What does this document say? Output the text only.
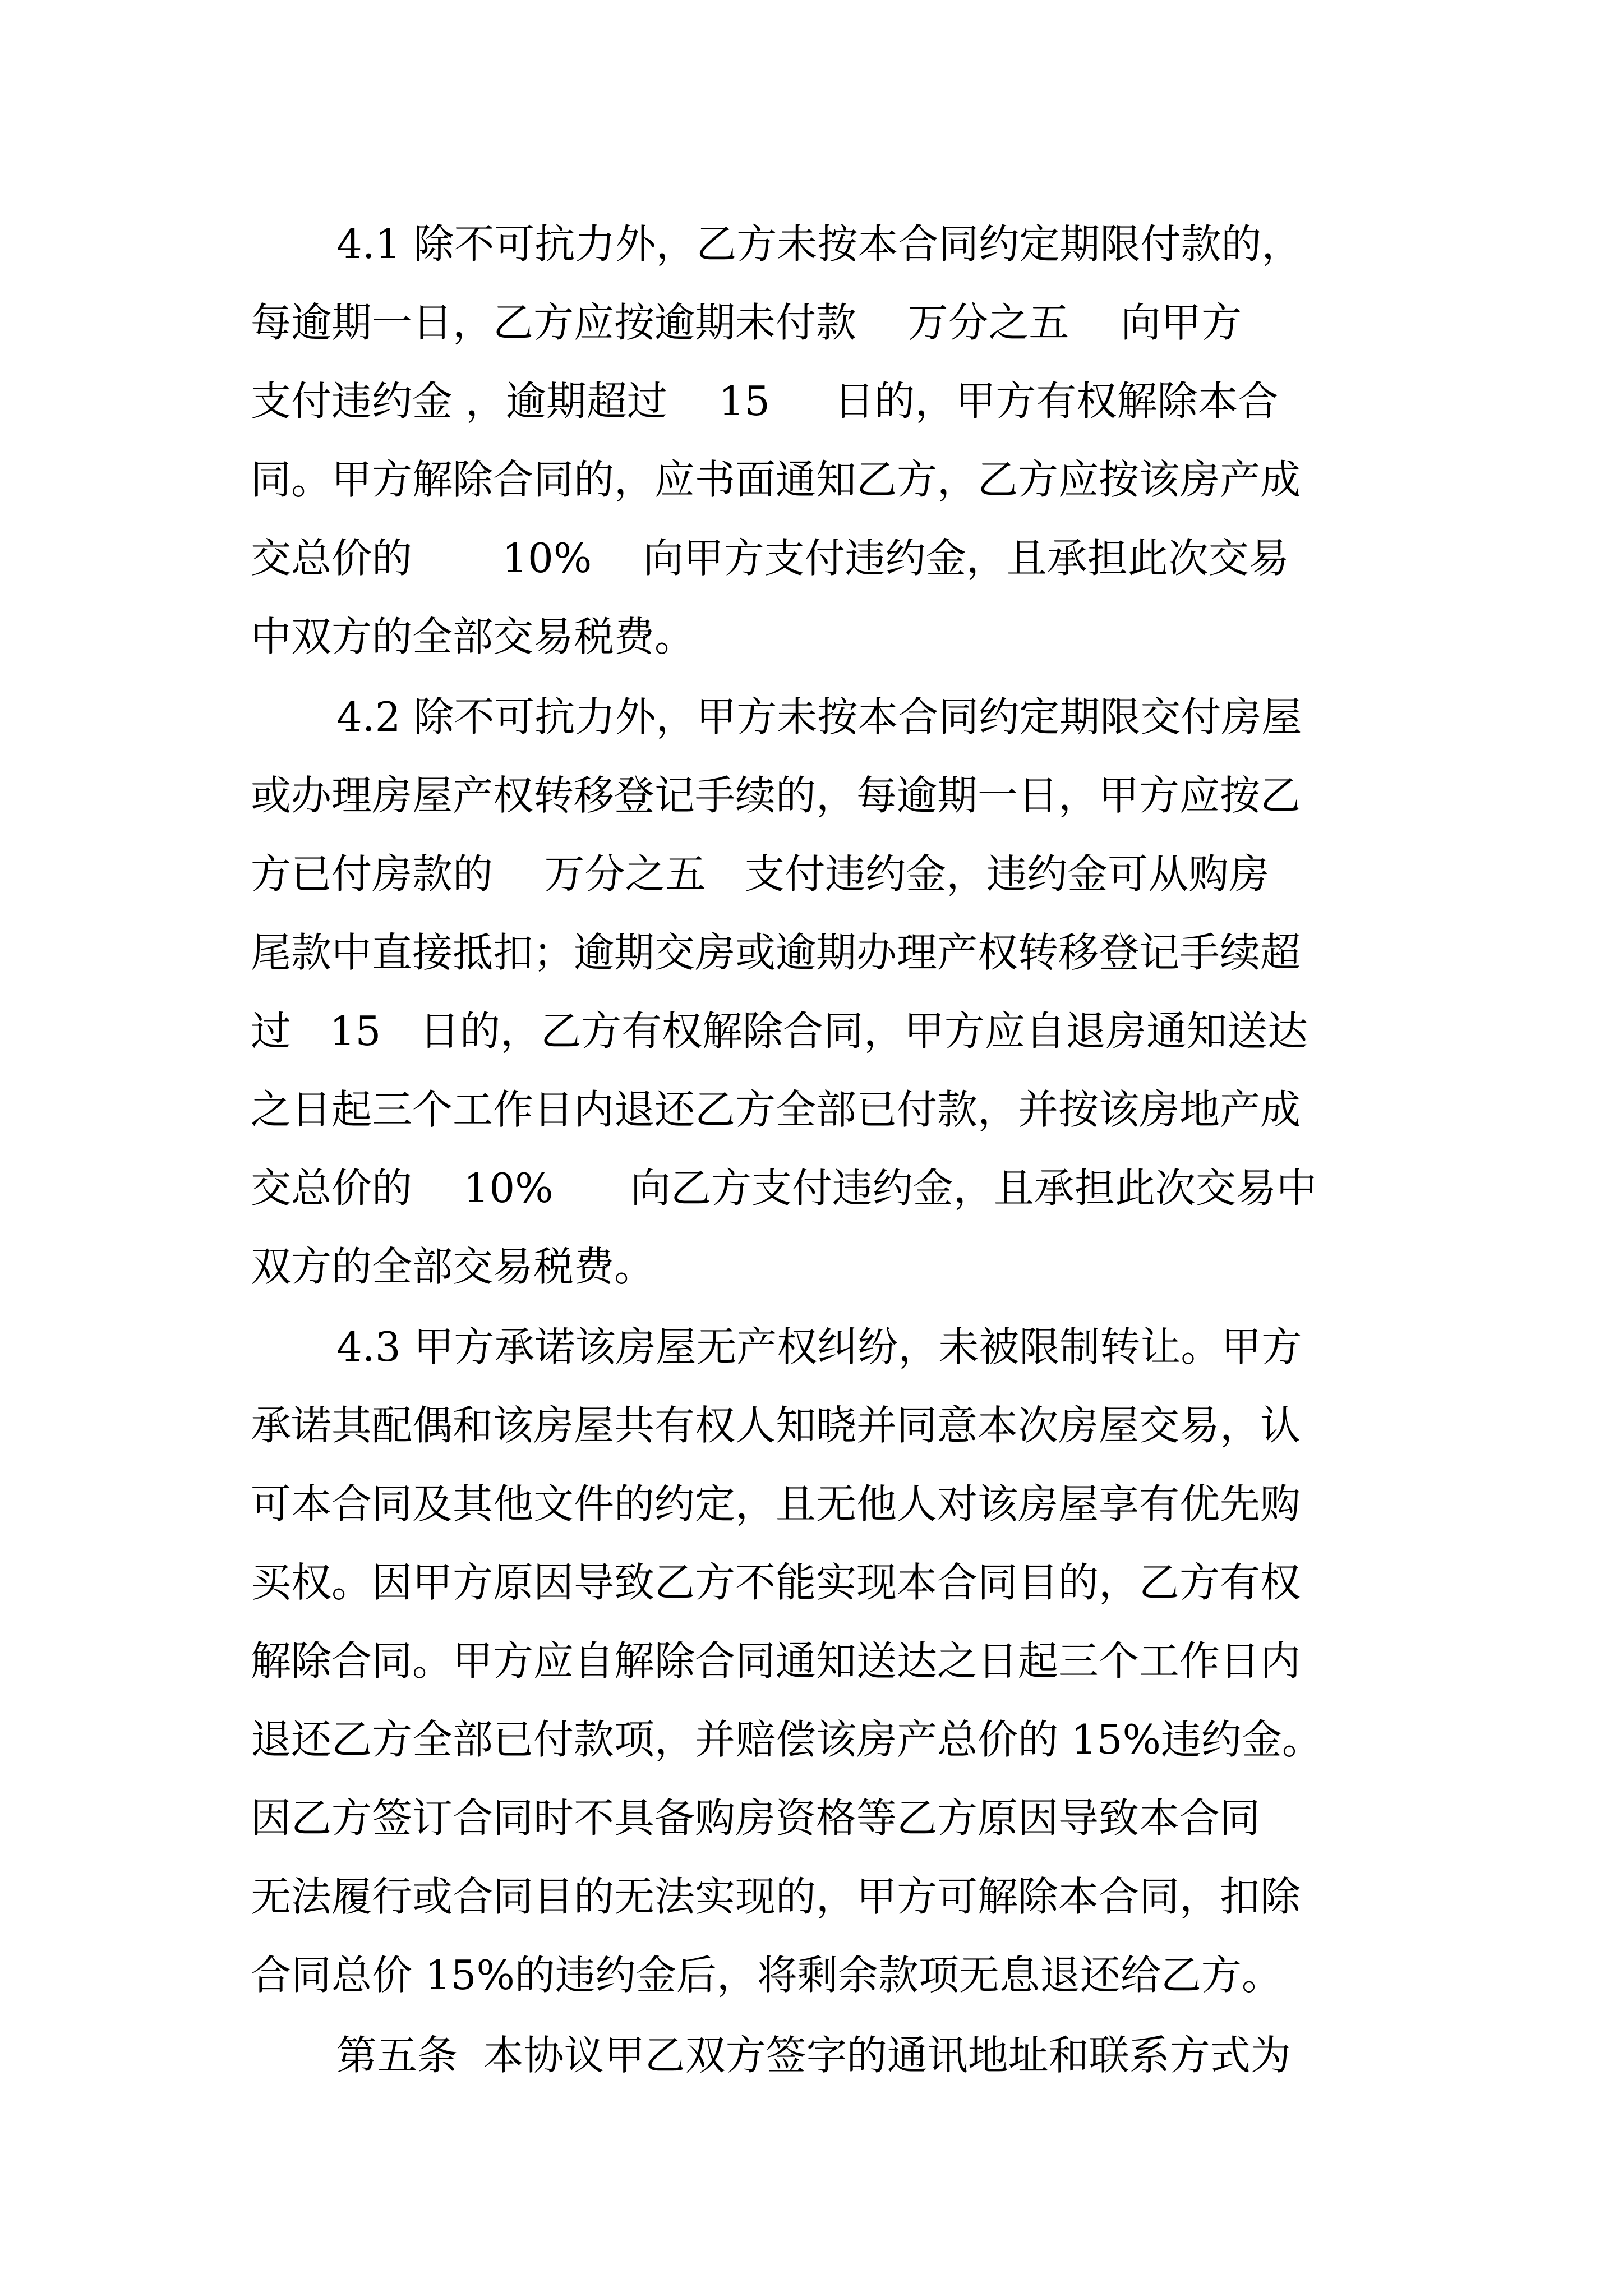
4.1 除不可抗力外，乙方未按本合同约定期限付款的，

每逾期一日，乙方应按逾期未付款    万分之五    向甲方

支付违约金 ，逾期超过    15     日的，甲方有权解除本合

同。甲方解除合同的，应书面通知乙方，乙方应按该房产成

交总价的       10%    向甲方支付违约金，且承担此次交易

中双方的全部交易税费。

4.2 除不可抗力外，甲方未按本合同约定期限交付房屋

或办理房屋产权转移登记手续的，每逾期一日，甲方应按乙

方已付房款的    万分之五   支付违约金，违约金可从购房

尾款中直接抵扣；逾期交房或逾期办理产权转移登记手续超

过   15   日的，乙方有权解除合同，甲方应自退房通知送达

之日起三个工作日内退还乙方全部已付款，并按该房地产成

交总价的    10%      向乙方支付违约金，且承担此次交易中

双方的全部交易税费。

4.3 甲方承诺该房屋无产权纠纷，未被限制转让。甲方

承诺其配偶和该房屋共有权人知晓并同意本次房屋交易，认

可本合同及其他文件的约定，且无他人对该房屋享有优先购

买权。因甲方原因导致乙方不能实现本合同目的，乙方有权

解除合同。甲方应自解除合同通知送达之日起三个工作日内

退还乙方全部已付款项，并赔偿该房产总价的 15%违约金。

因乙方签订合同时不具备购房资格等乙方原因导致本合同

无法履行或合同目的无法实现的，甲方可解除本合同，扣除

合同总价 15%的违约金后，将剩余款项无息退还给乙方。

第五条  本协议甲乙双方签字的通讯地址和联系方式为
